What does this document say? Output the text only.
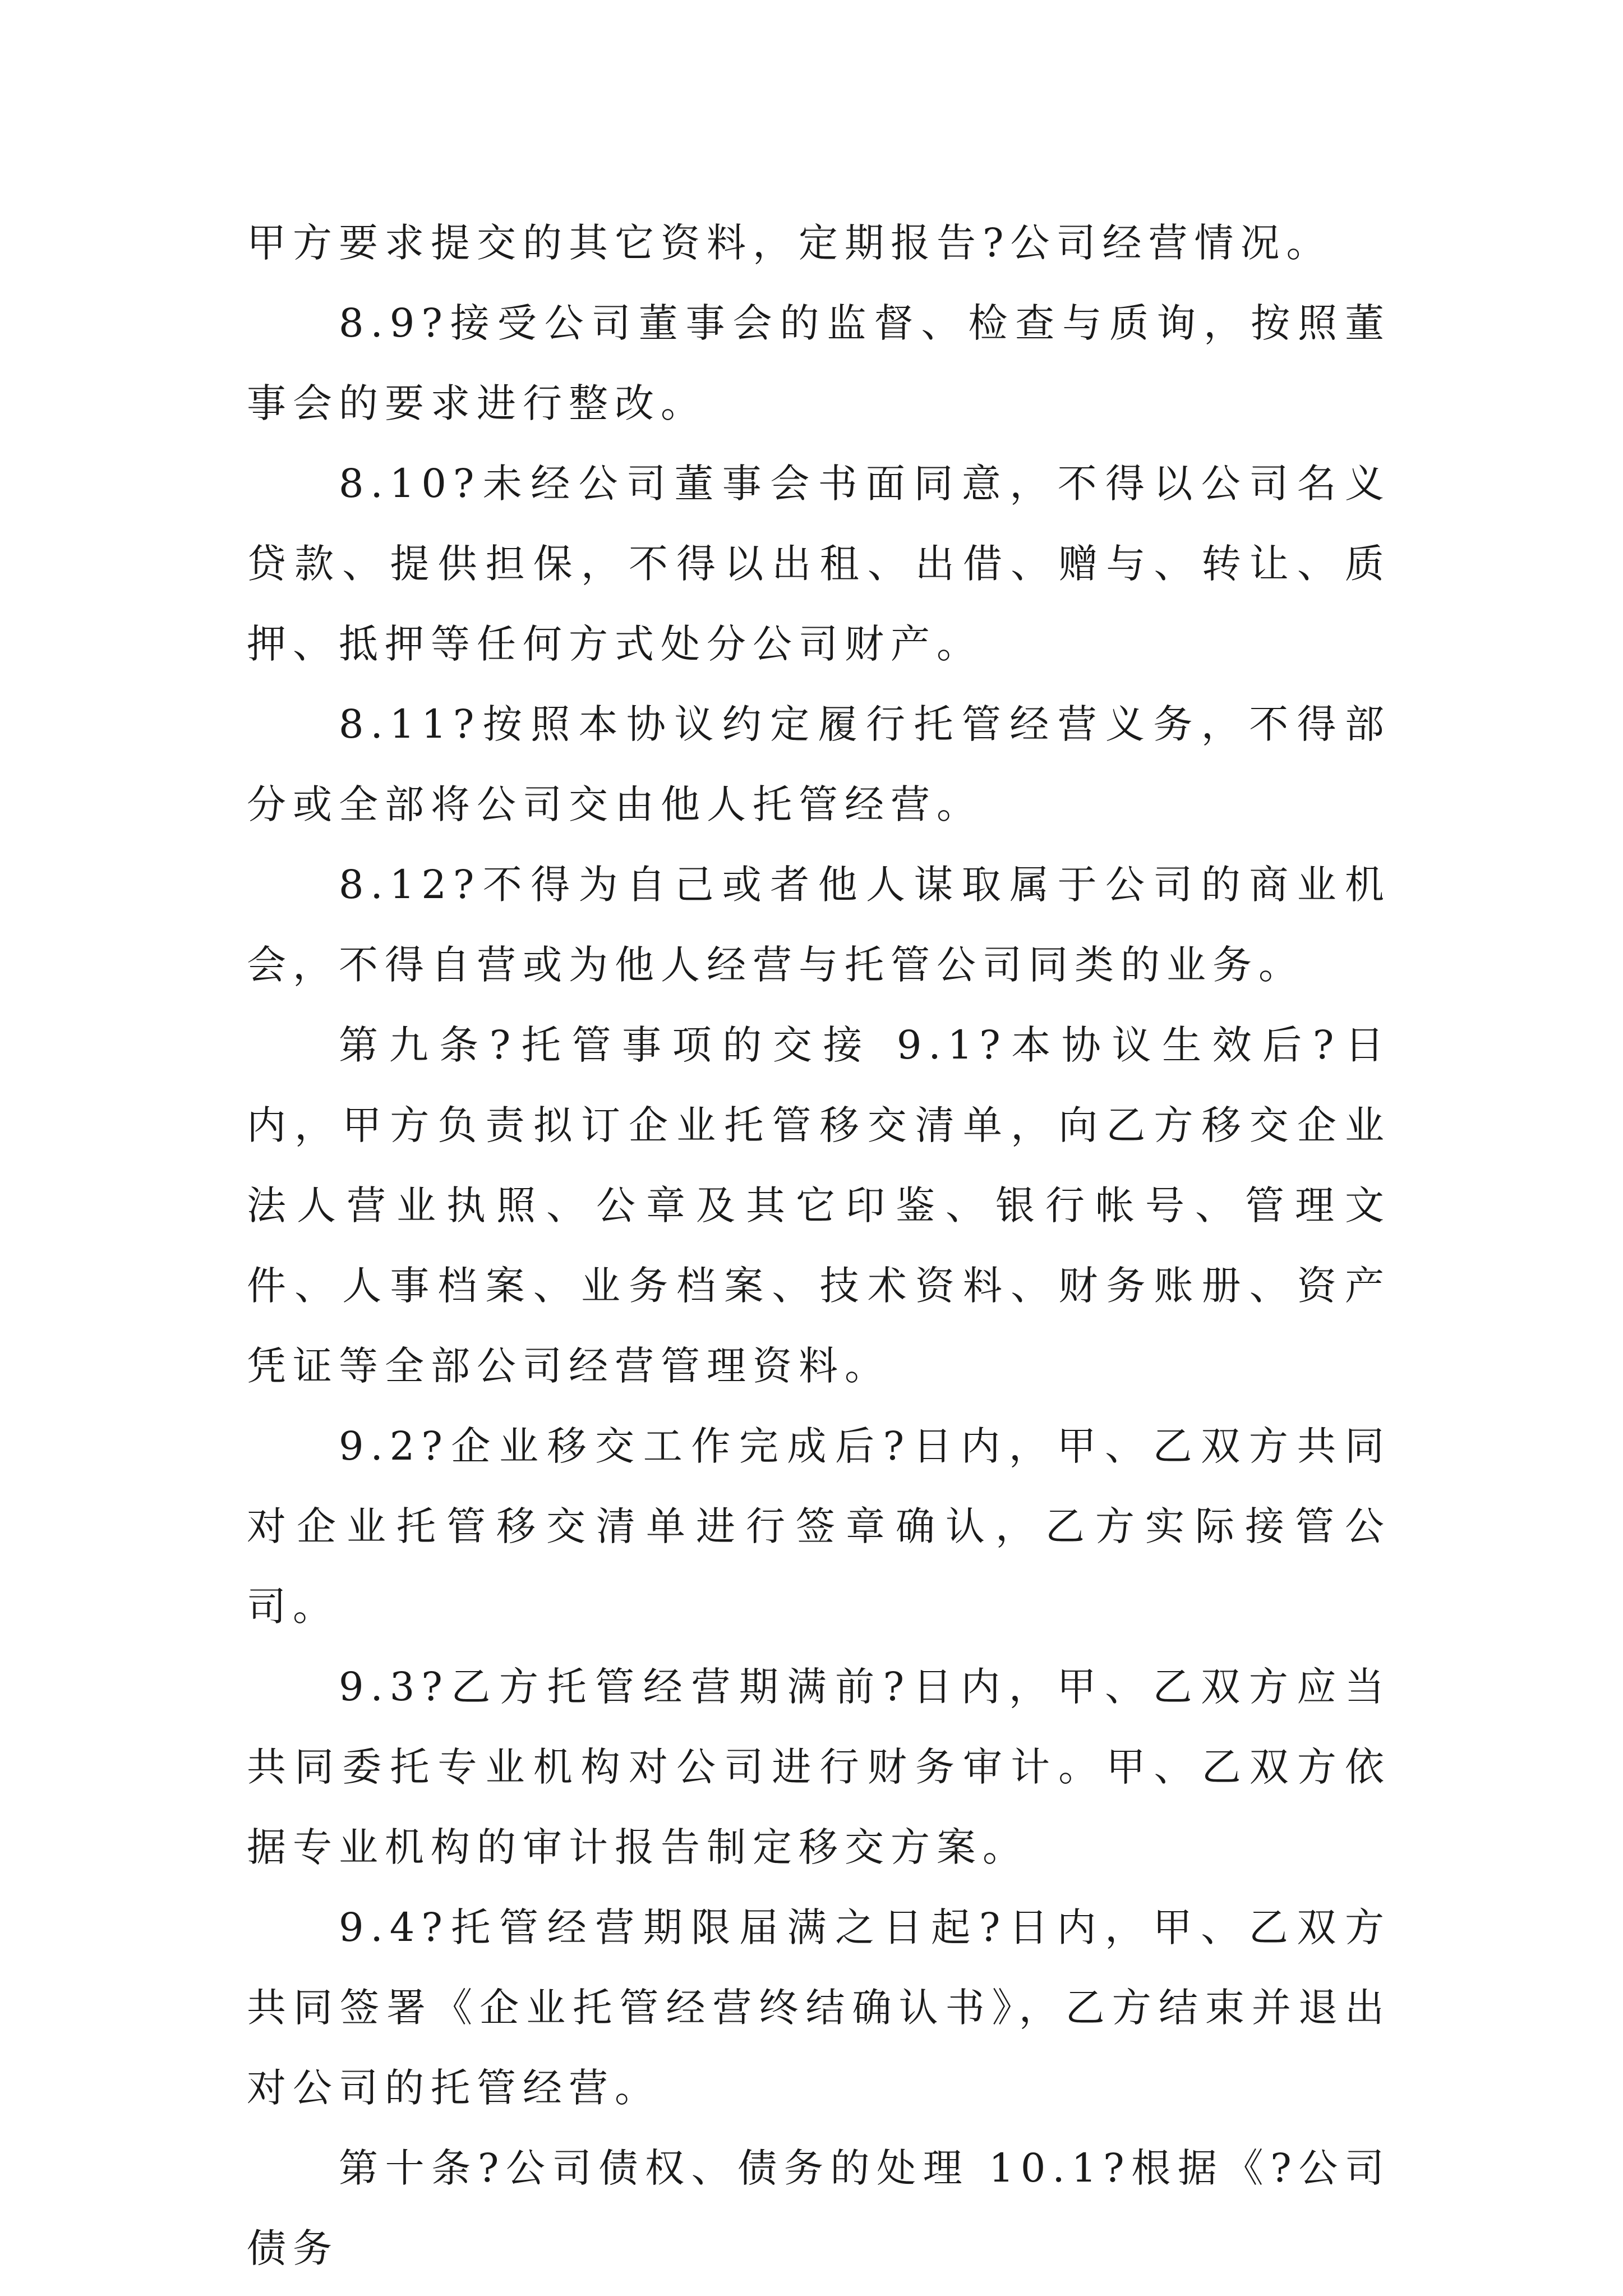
甲方要求提交的其它资料，定期报告?公司经营情况。

8.9?接受公司董事会的监督、检查与质询，按照董事会的要求进行整改。

8.10?未经公司董事会书面同意，不得以公司名义贷款、提供担保，不得以出租、出借、赠与、转让、质押、抵押等任何方式处分公司财产。

8.11?按照本协议约定履行托管经营义务，不得部分或全部将公司交由他人托管经营。

8.12?不得为自己或者他人谋取属于公司的商业机会，不得自营或为他人经营与托管公司同类的业务。

第九条?托管事项的交接 9.1?本协议生效后?日内，甲方负责拟订企业托管移交清单，向乙方移交企业法人营业执照、公章及其它印鉴、银行帐号、管理文件、人事档案、业务档案、技术资料、财务账册、资产凭证等全部公司经营管理资料。

9.2?企业移交工作完成后?日内，甲、乙双方共同对企业托管移交清单进行签章确认，乙方实际接管公司。

9.3?乙方托管经营期满前?日内，甲、乙双方应当共同委托专业机构对公司进行财务审计。甲、乙双方依据专业机构的审计报告制定移交方案。

9.4?托管经营期限届满之日起?日内，甲、乙双方共同签署《企业托管经营终结确认书》，乙方结束并退出对公司的托管经营。

第十条?公司债权、债务的处理 10.1?根据《?公司债务
